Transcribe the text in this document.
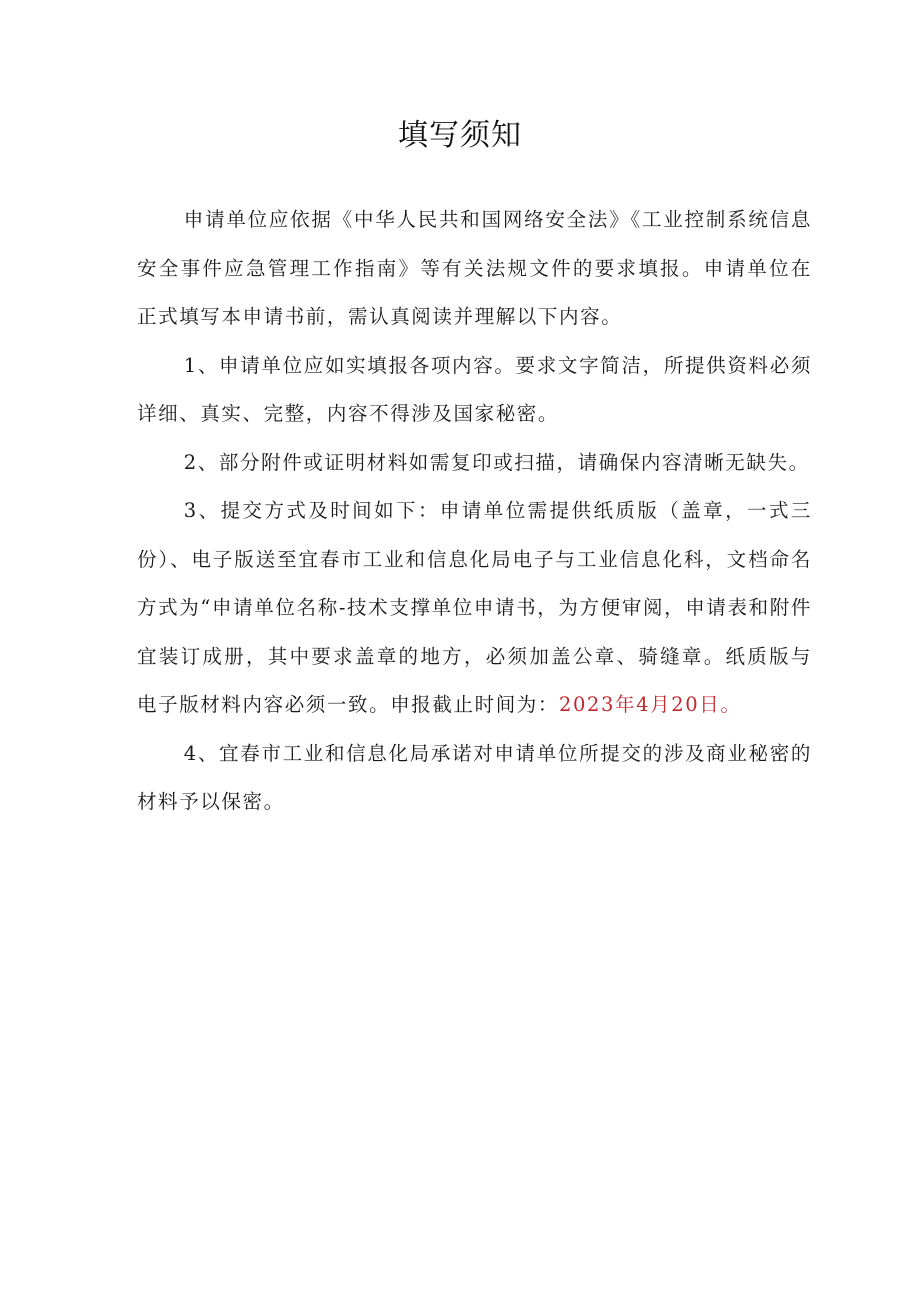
填写须知

申请单位应依据《中华人民共和国网络安全法》《工业控制系统信息安全事件应急管理工作指南》等有关法规文件的要求填报。申请单位在正式填写本申请书前，需认真阅读并理解以下内容。

1、申请单位应如实填报各项内容。要求文字简洁，所提供资料必须详细、真实、完整，内容不得涉及国家秘密。

2、部分附件或证明材料如需复印或扫描，请确保内容清晰无缺失。

3、提交方式及时间如下：申请单位需提供纸质版（盖章，一式三份）、电子版送至宜春市工业和信息化局电子与工业信息化科，文档命名方式为“申请单位名称-技术支撑单位申请书，为方便审阅，申请表和附件宜装订成册，其中要求盖章的地方，必须加盖公章、骑缝章。纸质版与电子版材料内容必须一致。申报截止时间为：2023年4月20日。

4、宜春市工业和信息化局承诺对申请单位所提交的涉及商业秘密的材料予以保密。
